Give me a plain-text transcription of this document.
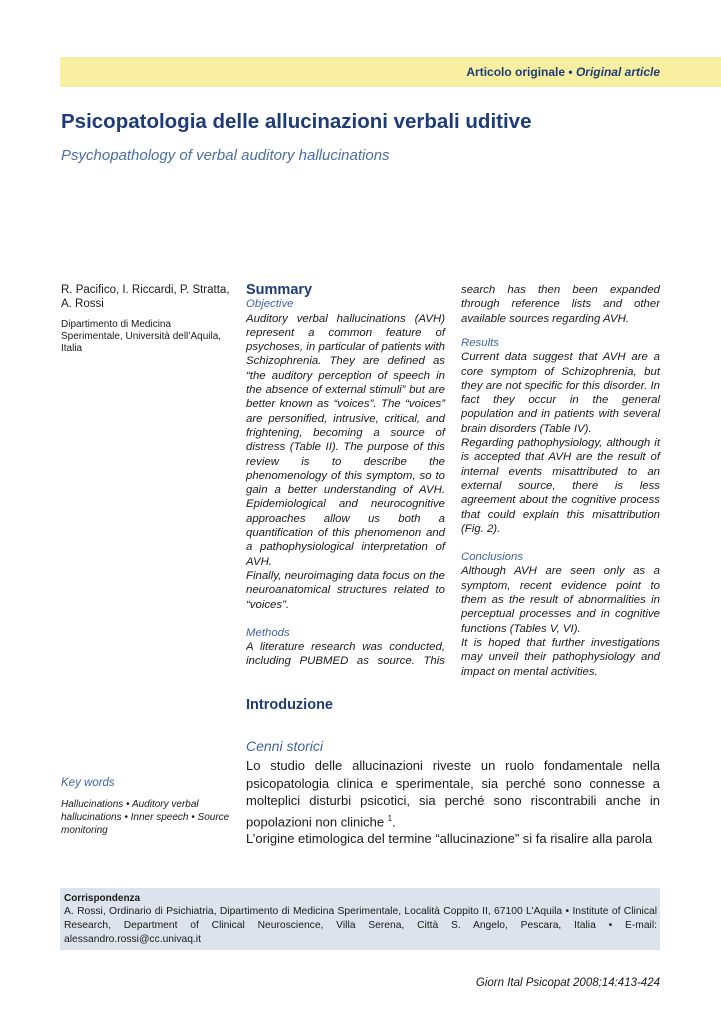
Articolo originale • Original article
Psicopatologia delle allucinazioni verbali uditive
Psychopathology of verbal auditory hallucinations
R. Pacifico, I. Riccardi, P. Stratta, A. Rossi
Dipartimento di Medicina Sperimentale, Università dell’Aquila, Italia

Summary

Objective

Auditory verbal hallucinations (AVH) represent a common feature of psychoses, in particular of patients with Schizophrenia. They are defined as “the auditory perception of speech in the absence of external stimuli” but are better known as “voices”. The “voices” are personified, intrusive, critical, and frightening, becoming a source of distress (Table II). The purpose of this review is to describe the phenomenology of this symptom, so to gain a better understanding of AVH. Epidemiological and neurocognitive approaches allow us both a quantification of this phenomenon and a pathophysiological interpretation of AVH.

Finally, neuroimaging data focus on the neuroanatomical structures related to “voices”.

Methods

A literature research was conducted, including PUBMED as source. This

search has then been expanded through reference lists and other available sources regarding AVH.

Results

Current data suggest that AVH are a core symptom of Schizophrenia, but they are not specific for this disorder. In fact they occur in the general population and in patients with several brain disorders (Table IV).

Regarding pathophysiology, although it is accepted that AVH are the result of internal events misattributed to an external source, there is less agreement about the cognitive process that could explain this misattribution (Fig. 2).

Conclusions

Although AVH are seen only as a symptom, recent evidence point to them as the result of abnormalities in perceptual processes and in cognitive functions (Tables V, VI).

It is hoped that further investigations may unveil their pathophysiology and impact on mental activities.

Introduzione
Cenni storici

Lo studio delle allucinazioni riveste un ruolo fondamentale nella psicopatologia clinica e sperimentale, sia perché sono connesse a molteplici disturbi psicotici, sia perché sono riscontrabili anche in popolazioni non cliniche $^1$.

L’origine etimologica del termine “allucinazione” si fa risalire alla parola

Key words
Hallucinations • Auditory verbal hallucinations • Inner speech • Source monitoring
Corrispondenza
A. Rossi, Ordinario di Psichiatria, Dipartimento di Medicina Sperimentale, Località Coppito II, 67100 L’Aquila • Institute of Clinical Research, Department of Clinical Neuroscience, Villa Serena, Città S. Angelo, Pescara, Italia • E-mail: alessandro.rossi@cc.univaq.it
Giorn Ital Psicopat 2008;14:413-424
